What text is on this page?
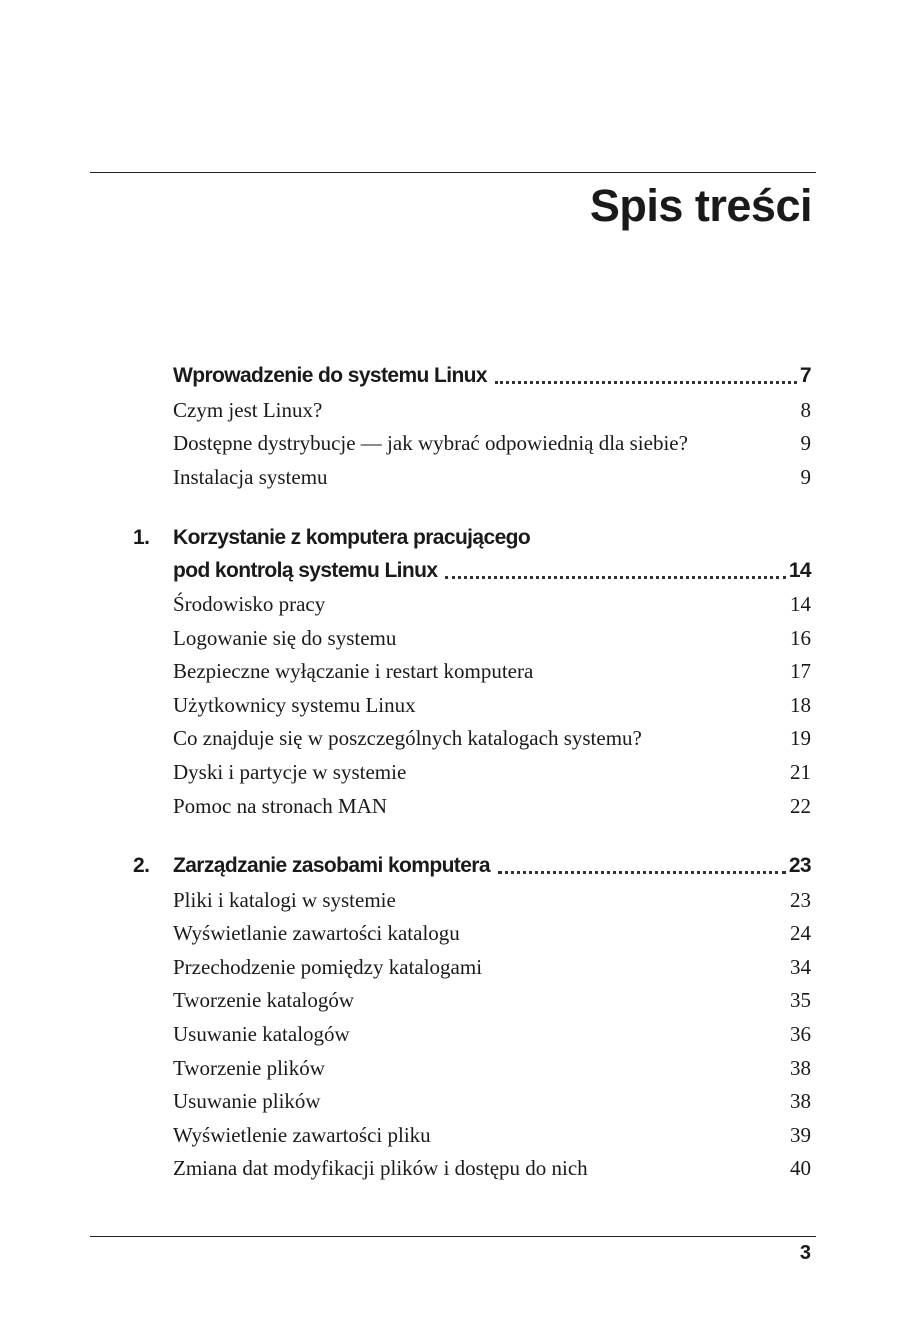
Spis treści
Wprowadzenie do systemu Linux	7
Czym jest Linux?	8
Dostępne dystrybucje — jak wybrać odpowiednią dla siebie?	9
Instalacja systemu	9
1. Korzystanie z komputera pracującego
pod kontrolą systemu Linux	14
Środowisko pracy	14
Logowanie się do systemu	16
Bezpieczne wyłączanie i restart komputera	17
Użytkownicy systemu Linux	18
Co znajduje się w poszczególnych katalogach systemu?	19
Dyski i partycje w systemie	21
Pomoc na stronach MAN	22
2. Zarządzanie zasobami komputera	23
Pliki i katalogi w systemie	23
Wyświetlanie zawartości katalogu	24
Przechodzenie pomiędzy katalogami	34
Tworzenie katalogów	35
Usuwanie katalogów	36
Tworzenie plików	38
Usuwanie plików	38
Wyświetlenie zawartości pliku	39
Zmiana dat modyfikacji plików i dostępu do nich	40
3
